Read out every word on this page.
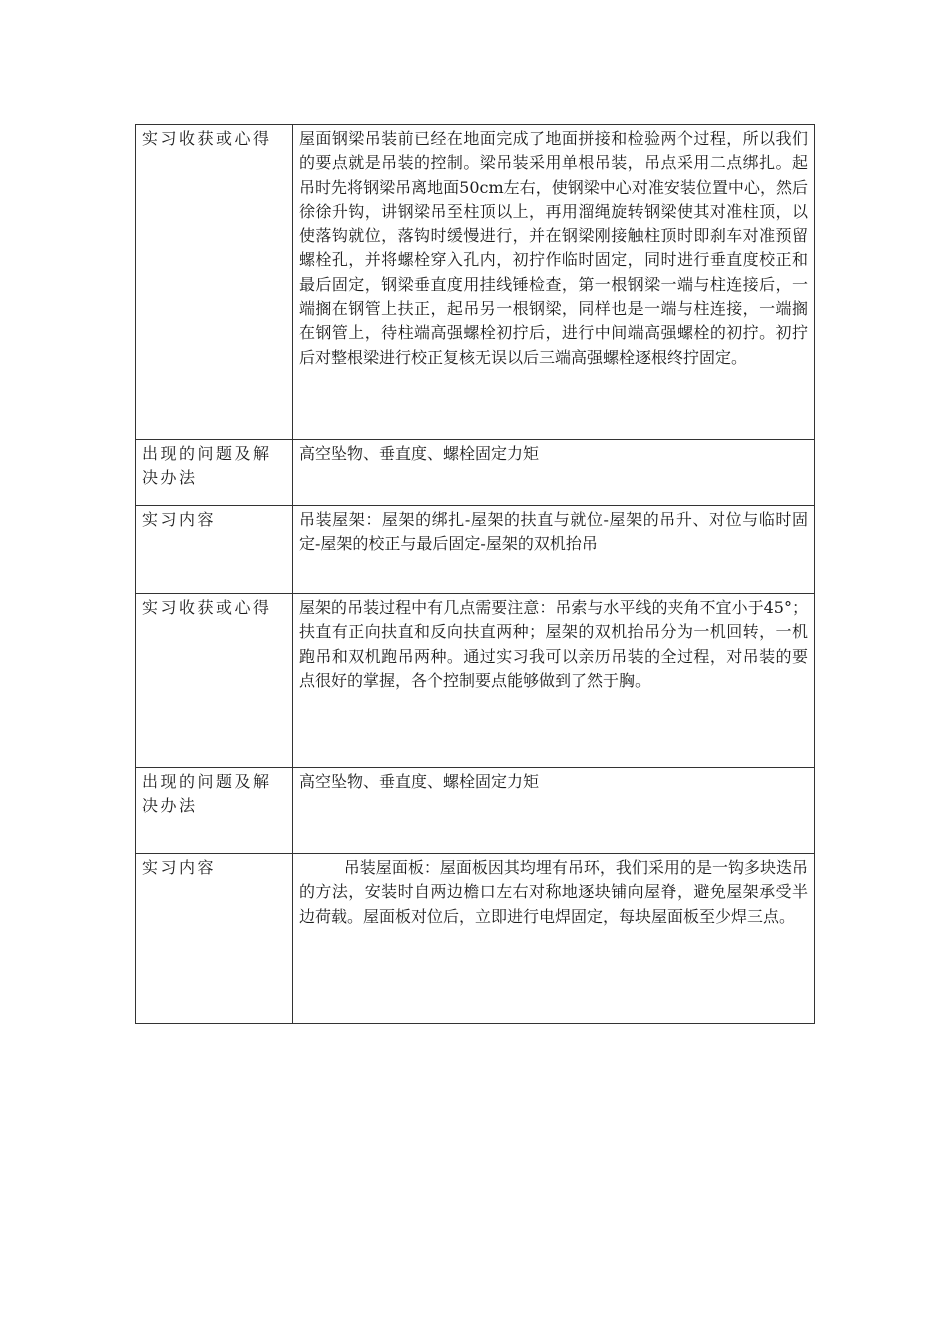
实习收获或心得	屋面钢梁吊装前已经在地面完成了地面拼接和检验两个过程，所以我们的要点就是吊装的控制。梁吊装采用单根吊装，吊点采用二点绑扎。起吊时先将钢梁吊离地面50cm左右，使钢梁中心对准安装位置中心，然后徐徐升钩，讲钢梁吊至柱顶以上，再用溜绳旋转钢梁使其对准柱顶，以使落钩就位，落钩时缓慢进行，并在钢梁刚接触柱顶时即刹车对准预留螺栓孔，并将螺栓穿入孔内，初拧作临时固定，同时进行垂直度校正和最后固定，钢梁垂直度用挂线锤检查，第一根钢梁一端与柱连接后，一端搁在钢管上扶正，起吊另一根钢梁，同样也是一端与柱连接，一端搁在钢管上，待柱端高强螺栓初拧后，进行中间端高强螺栓的初拧。初拧后对整根梁进行校正复核无误以后三端高强螺栓逐根终拧固定。
出现的问题及解决办法	高空坠物、垂直度、螺栓固定力矩
实习内容	吊装屋架：屋架的绑扎-屋架的扶直与就位-屋架的吊升、对位与临时固定-屋架的校正与最后固定-屋架的双机抬吊
实习收获或心得	屋架的吊装过程中有几点需要注意：吊索与水平线的夹角不宜小于45°；扶直有正向扶直和反向扶直两种；屋架的双机抬吊分为一机回转，一机跑吊和双机跑吊两种。通过实习我可以亲历吊装的全过程，对吊装的要点很好的掌握，各个控制要点能够做到了然于胸。
出现的问题及解决办法	高空坠物、垂直度、螺栓固定力矩
实习内容	吊装屋面板：屋面板因其均埋有吊环，我们采用的是一钩多块迭吊的方法，安装时自两边檐口左右对称地逐块铺向屋脊，避免屋架承受半边荷载。屋面板对位后，立即进行电焊固定，每块屋面板至少焊三点。
